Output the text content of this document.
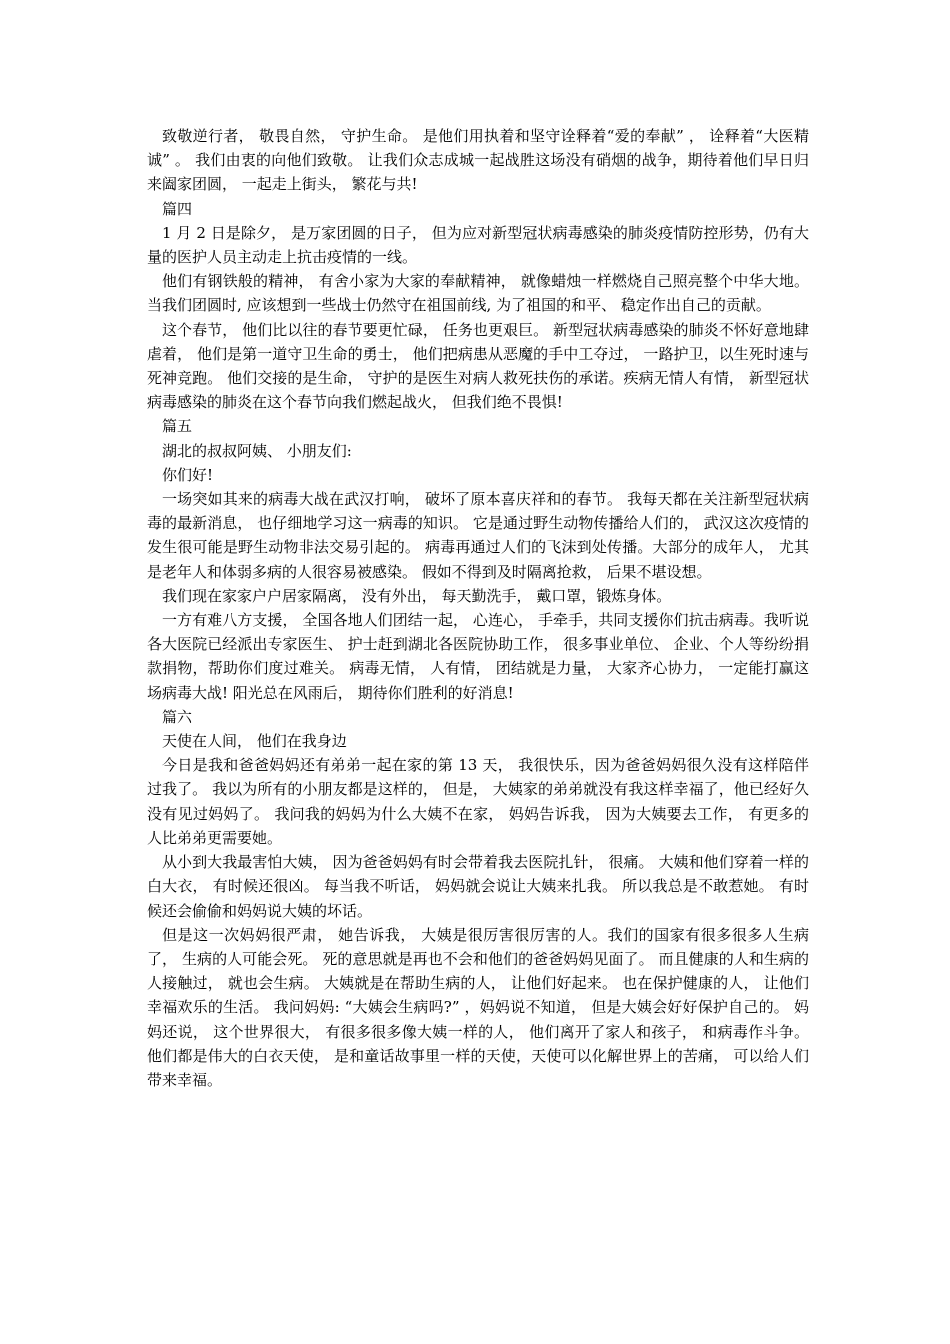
致敬逆行者， 敬畏自然， 守护生命。 是他们用执着和坚守诠释着“爱的奉献” ， 诠释着“大医精诚” 。 我们由衷的向他们致敬。 让我们众志成城一起战胜这场没有硝烟的战争，期待着他们早日归来阖家团圆， 一起走上街头， 繁花与共!

篇四

1 月 2 日是除夕， 是万家团圆的日子， 但为应对新型冠状病毒感染的肺炎疫情防控形势，仍有大量的医护人员主动走上抗击疫情的一线。

他们有钢铁般的精神， 有舍小家为大家的奉献精神， 就像蜡烛一样燃烧自己照亮整个中华大地。 当我们团圆时, 应该想到一些战士仍然守在祖国前线, 为了祖国的和平、 稳定作出自己的贡献。

这个春节， 他们比以往的春节要更忙碌， 任务也更艰巨。 新型冠状病毒感染的肺炎不怀好意地肆虐着， 他们是第一道守卫生命的勇士， 他们把病患从恶魔的手中工夺过， 一路护卫，以生死时速与死神竞跑。 他们交接的是生命， 守护的是医生对病人救死扶伤的承诺。疾病无情人有情， 新型冠状病毒感染的肺炎在这个春节向我们燃起战火， 但我们绝不畏惧!

篇五

湖北的叔叔阿姨、 小朋友们:

你们好!

一场突如其来的病毒大战在武汉打响， 破坏了原本喜庆祥和的春节。 我每天都在关注新型冠状病毒的最新消息， 也仔细地学习这一病毒的知识。 它是通过野生动物传播给人们的， 武汉这次疫情的发生很可能是野生动物非法交易引起的。 病毒再通过人们的飞沫到处传播。大部分的成年人， 尤其是老年人和体弱多病的人很容易被感染。 假如不得到及时隔离抢救， 后果不堪设想。

我们现在家家户户居家隔离， 没有外出， 每天勤洗手， 戴口罩，锻炼身体。

一方有难八方支援， 全国各地人们团结一起， 心连心， 手牵手，共同支援你们抗击病毒。我听说各大医院已经派出专家医生、 护士赶到湖北各医院协助工作， 很多事业单位、 企业、个人等纷纷捐款捐物，帮助你们度过难关。 病毒无情， 人有情， 团结就是力量， 大家齐心协力， 一定能打赢这场病毒大战! 阳光总在风雨后， 期待你们胜利的好消息!

篇六

天使在人间， 他们在我身边

今日是我和爸爸妈妈还有弟弟一起在家的第 13 天， 我很快乐，因为爸爸妈妈很久没有这样陪伴过我了。 我以为所有的小朋友都是这样的， 但是， 大姨家的弟弟就没有我这样幸福了，他已经好久没有见过妈妈了。 我问我的妈妈为什么大姨不在家， 妈妈告诉我， 因为大姨要去工作， 有更多的人比弟弟更需要她。

从小到大我最害怕大姨， 因为爸爸妈妈有时会带着我去医院扎针， 很痛。 大姨和他们穿着一样的白大衣， 有时候还很凶。 每当我不听话， 妈妈就会说让大姨来扎我。 所以我总是不敢惹她。 有时候还会偷偷和妈妈说大姨的坏话。

但是这一次妈妈很严肃， 她告诉我， 大姨是很厉害很厉害的人。我们的国家有很多很多人生病了， 生病的人可能会死。 死的意思就是再也不会和他们的爸爸妈妈见面了。 而且健康的人和生病的人接触过， 就也会生病。 大姨就是在帮助生病的人， 让他们好起来。 也在保护健康的人， 让他们幸福欢乐的生活。 我问妈妈: “大姨会生病吗?” ，妈妈说不知道， 但是大姨会好好保护自己的。 妈妈还说， 这个世界很大， 有很多很多像大姨一样的人， 他们离开了家人和孩子， 和病毒作斗争。 他们都是伟大的白衣天使， 是和童话故事里一样的天使，天使可以化解世界上的苦痛， 可以给人们带来幸福。
